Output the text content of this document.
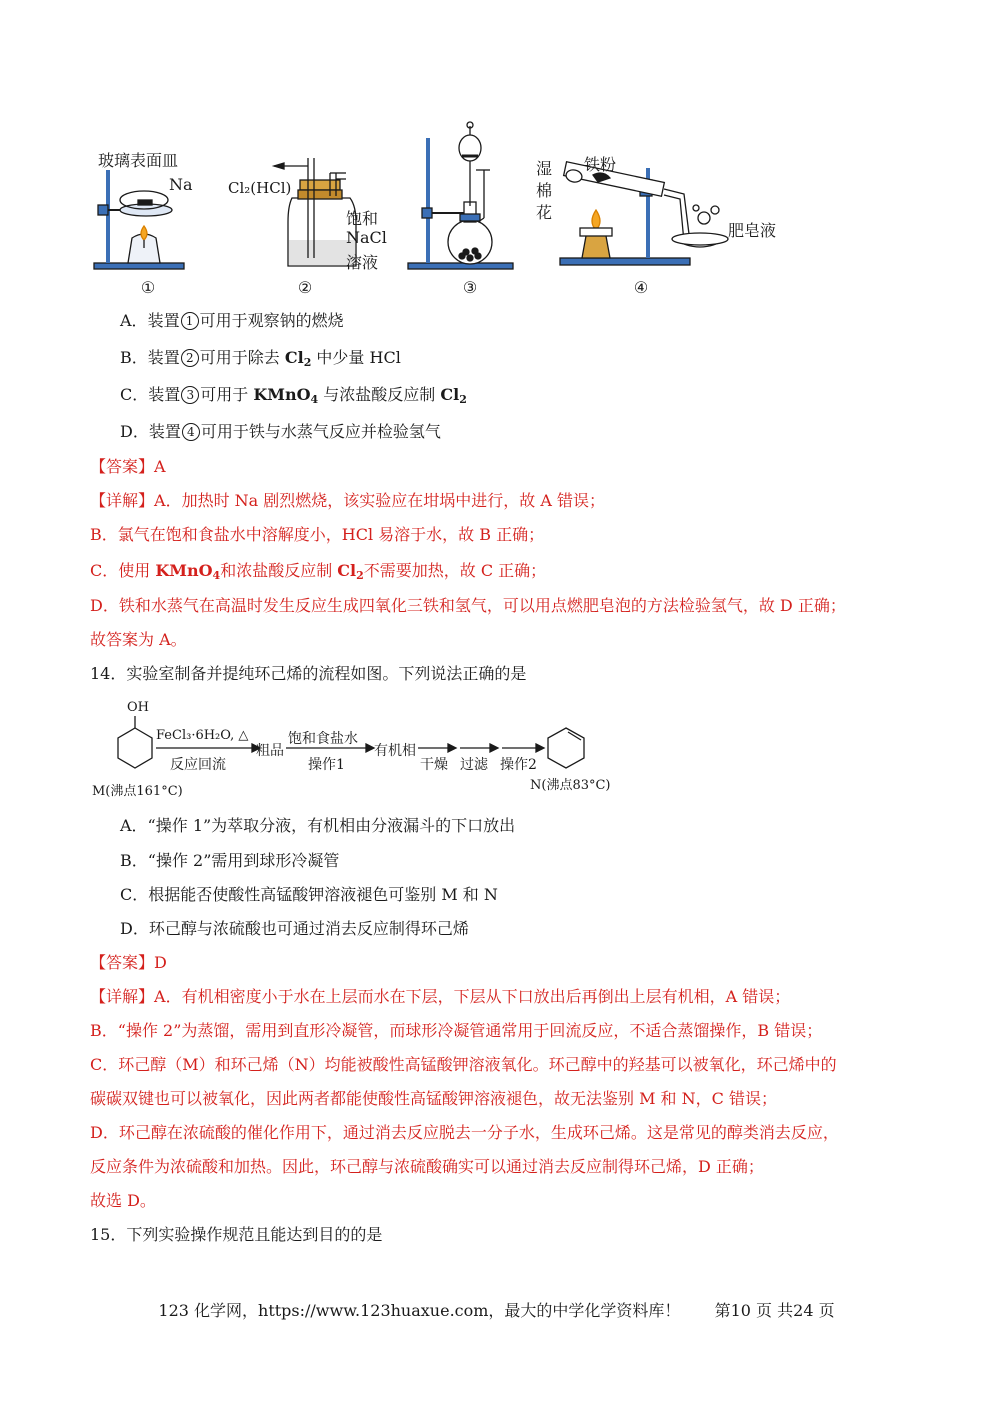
玻璃表面皿
Na Cl₂(HCl)
饱和
NaCl
溶液
湿
棉
花
铁粉
肥皂液
①	②	③	④
A．装置 1 可用于观察钠的燃烧
B．装置 2 可用于除去 $Cl_2$ 中少量 HCl
C．装置 3 可用于 KMnO$_4$ 与浓盐酸反应制 $Cl_2$
D．装置 4 可用于铁与水蒸气反应并检验氢气
【答案】A
【详解】A．加热时 Na 剧烈燃烧，该实验应在坩埚中进行，故 A 错误；
B．氯气在饱和食盐水中溶解度小，HCl 易溶于水，故 B 正确；
C．使用 KMnO$_4$和浓盐酸反应制 $Cl_2$不需要加热，故 C 正确；
D．铁和水蒸气在高温时发生反应生成四氧化三铁和氢气，可以用点燃肥皂泡的方法检验氢气，故 D 正确；
故答案为 A。
14．实验室制备并提纯环己烯的流程如图。下列说法正确的是
OH
M(沸点161°C)
FeCl₃·6H₂O, △
反应回流
粗品
饱和食盐水
操作1
有机相
干燥 过滤 操作2
N(沸点83°C)
A．“操作 1”为萃取分液，有机相由分液漏斗的下口放出
B．“操作 2”需用到球形冷凝管
C．根据能否使酸性高锰酸钾溶液褪色可鉴别 M 和 N
D．环己醇与浓硫酸也可通过消去反应制得环己烯
【答案】D
【详解】A．有机相密度小于水在上层而水在下层，下层从下口放出后再倒出上层有机相，A 错误；
B．“操作 2”为蒸馏，需用到直形冷凝管，而球形冷凝管通常用于回流反应，不适合蒸馏操作，B 错误；
C．环己醇（M）和环己烯（N）均能被酸性高锰酸钾溶液氧化。环己醇中的羟基可以被氧化，环己烯中的
碳碳双键也可以被氧化，因此两者都能使酸性高锰酸钾溶液褪色，故无法鉴别 M 和 N，C 错误；
D．环己醇在浓硫酸的催化作用下，通过消去反应脱去一分子水，生成环己烯。这是常见的醇类消去反应，
反应条件为浓硫酸和加热。因此，环己醇与浓硫酸确实可以通过消去反应制得环己烯，D 正确；
故选 D。
15．下列实验操作规范且能达到目的的是
123 化学网，https://www.123huaxue.com，最大的中学化学资料库！ 第10 页 共24 页
